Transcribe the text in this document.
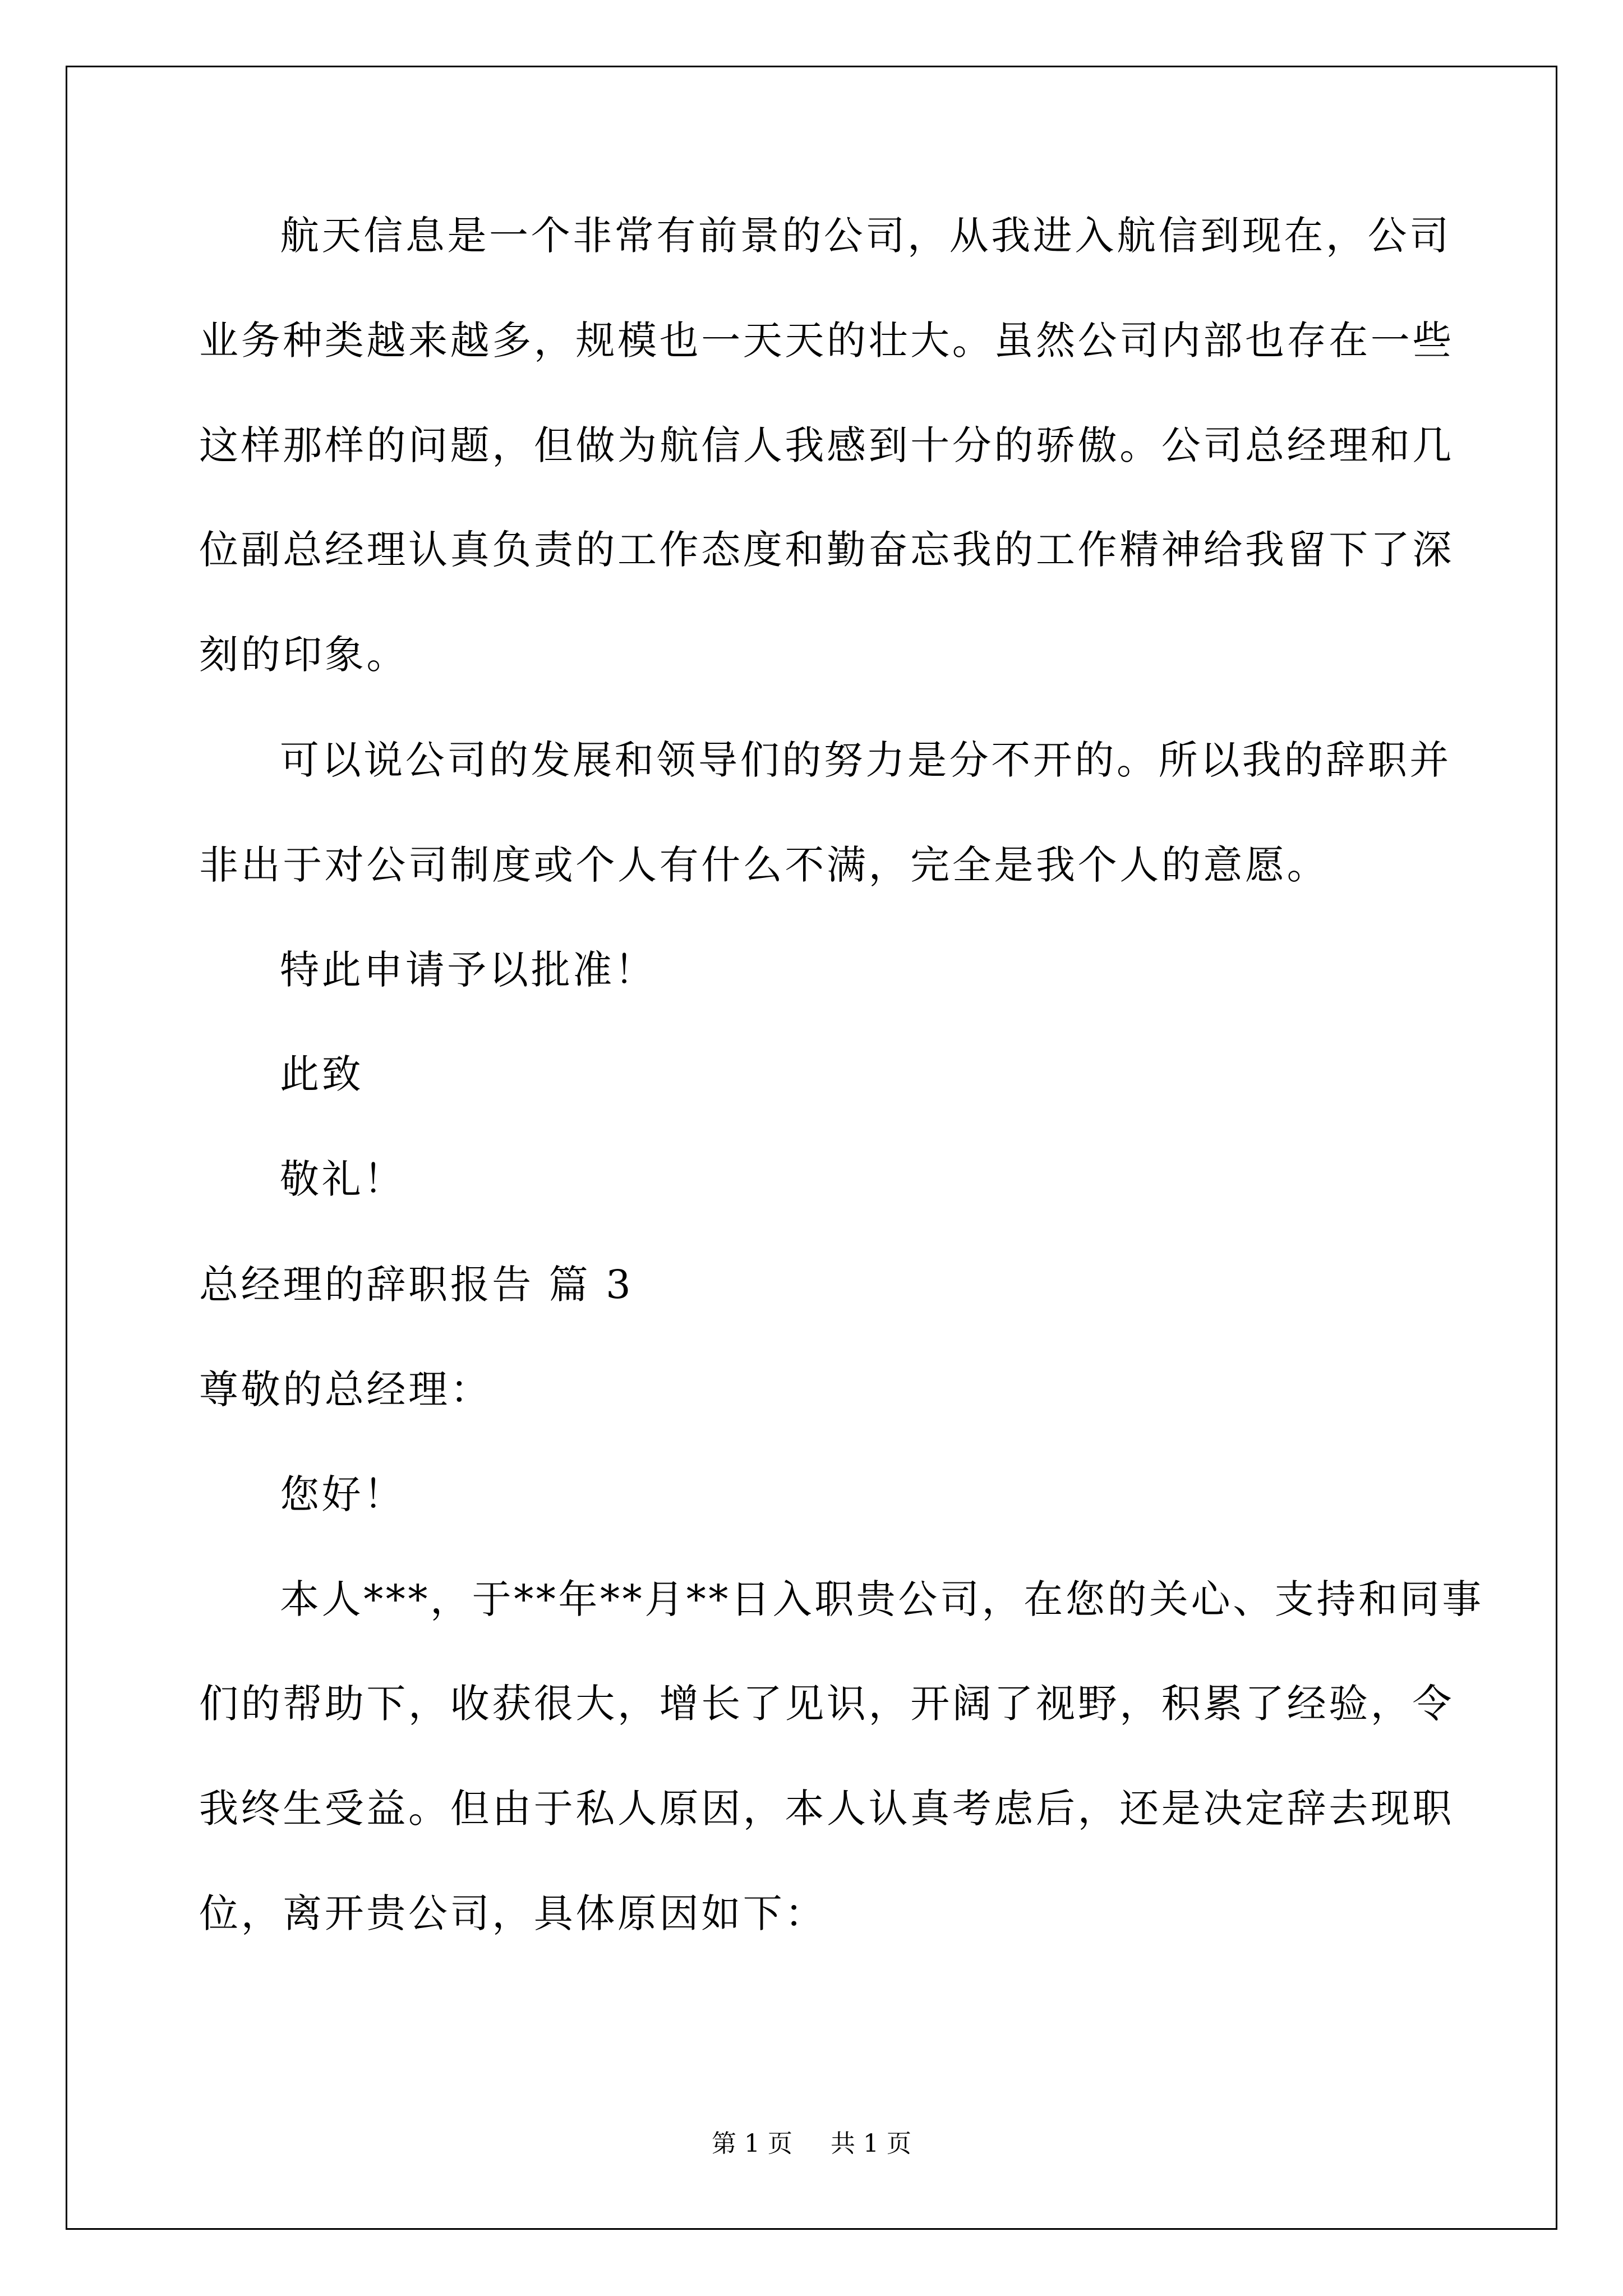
航天信息是一个非常有前景的公司，从我进入航信到现在，公司
业务种类越来越多，规模也一天天的壮大。虽然公司内部也存在一些
这样那样的问题，但做为航信人我感到十分的骄傲。公司总经理和几
位副总经理认真负责的工作态度和勤奋忘我的工作精神给我留下了深
刻的印象。
可以说公司的发展和领导们的努力是分不开的。所以我的辞职并
非出于对公司制度或个人有什么不满，完全是我个人的意愿。
特此申请予以批准！
此致
敬礼！
总经理的辞职报告 篇 3
尊敬的总经理：
您好！
本人***，于**年**月**日入职贵公司，在您的关心、支持和同事
们的帮助下，收获很大，增长了见识，开阔了视野，积累了经验，令
我终生受益。但由于私人原因，本人认真考虑后，还是决定辞去现职
位，离开贵公司，具体原因如下：
第 1 页 共 1 页
